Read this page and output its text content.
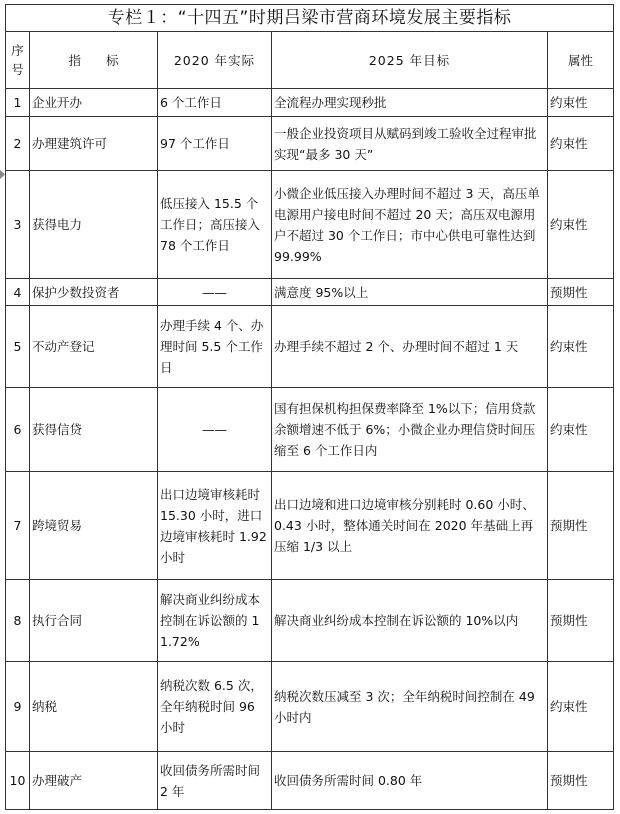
专栏１：“十四五”时期吕梁市营商环境发展主要指标				
序号	指　　标	2020 年实际	2025 年目标	属性
1	企业开办	6 个工作日	全流程办理实现秒批	约束性
2	办理建筑许可	97 个工作日	一般企业投资项目从赋码到竣工验收全过程审批实现“最多 30 天”	约束性
3	获得电力	低压接入 15.5 个工作日；高压接入 78 个工作日	小微企业低压接入办理时间不超过 3 天，高压单电源用户接电时间不超过 20 天；高压双电源用户不超过 30 个工作日；市中心供电可靠性达到 99.99%	约束性
4	保护少数投资者	——	满意度 95%以上	预期性
5	不动产登记	办理手续 4 个、办理时间 5.5 个工作日	办理手续不超过 2 个、办理时间不超过 1 天	约束性
6	获得信贷	——	国有担保机构担保费率降至 1%以下；信用贷款余额增速不低于 6%；小微企业办理信贷时间压缩至 6 个工作日内	约束性
7	跨境贸易	出口边境审核耗时 15.30 小时，进口边境审核耗时 1.92 小时	出口边境和进口边境审核分别耗时 0.60 小时、0.43 小时，整体通关时间在 2020 年基础上再压缩 1/3 以上	预期性
8	执行合同	解决商业纠纷成本控制在诉讼额的 11.72%	解决商业纠纷成本控制在诉讼额的 10%以内	预期性
9	纳税	纳税次数 6.5 次，全年纳税时间 96 小时	纳税次数压减至 3 次；全年纳税时间控制在 49 小时内	约束性
10	办理破产	收回债务所需时间 2 年	收回债务所需时间 0.80 年	预期性
